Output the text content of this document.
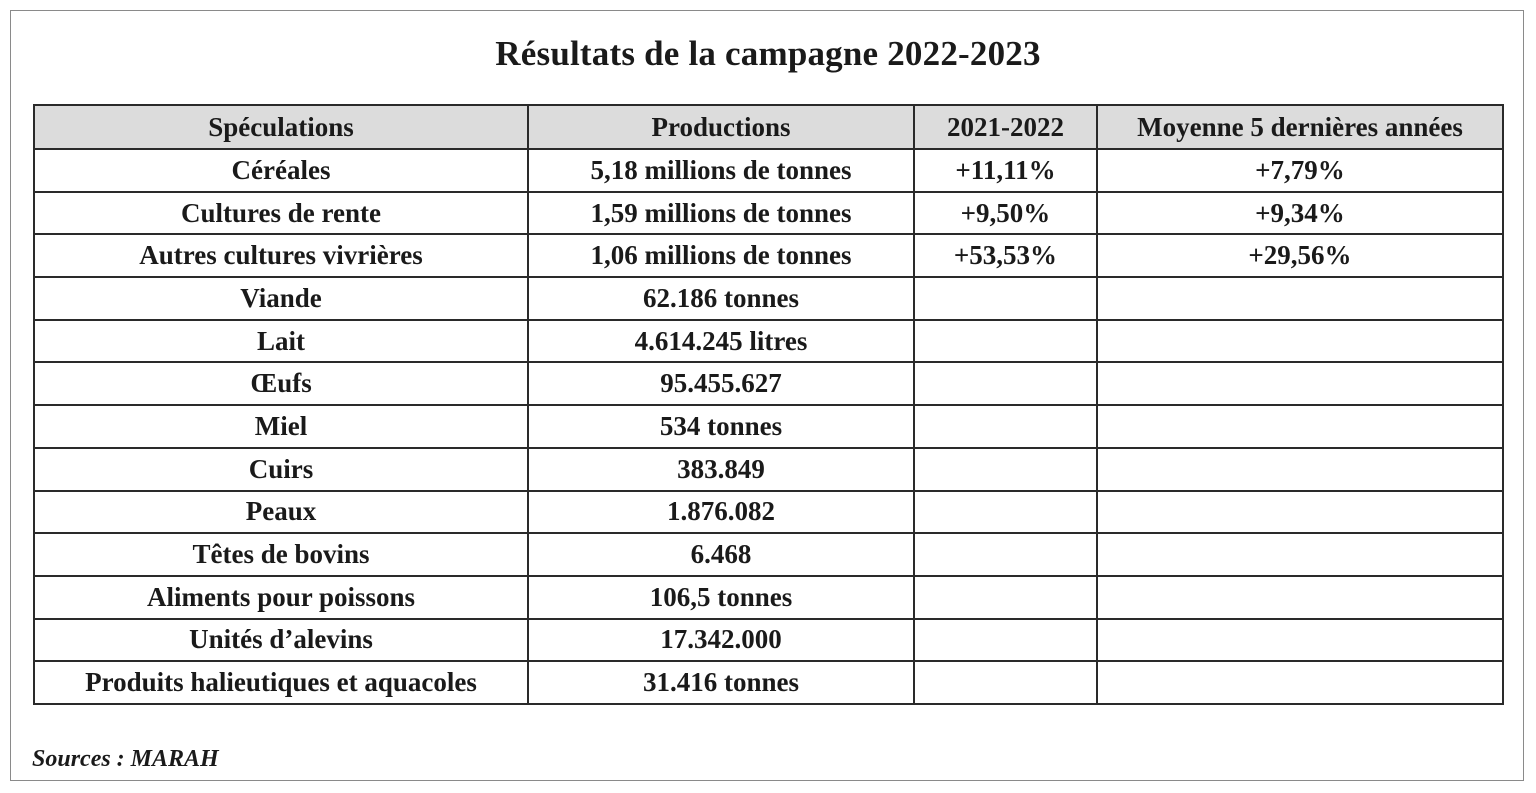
Résultats de la campagne 2022-2023
Spéculations	Productions	2021-2022	Moyenne 5 dernières années
Céréales	5,18 millions de tonnes	+11,11%	+7,79%
Cultures de rente	1,59 millions de tonnes	+9,50%	+9,34%
Autres cultures vivrières	1,06 millions de tonnes	+53,53%	+29,56%
Viande	62.186 tonnes		
Lait	4.614.245 litres		
Œufs	95.455.627		
Miel	534 tonnes		
Cuirs	383.849		
Peaux	1.876.082		
Têtes de bovins	6.468		
Aliments pour poissons	106,5 tonnes		
Unités d’alevins	17.342.000		
Produits halieutiques et aquacoles	31.416 tonnes		
Sources : MARAH
